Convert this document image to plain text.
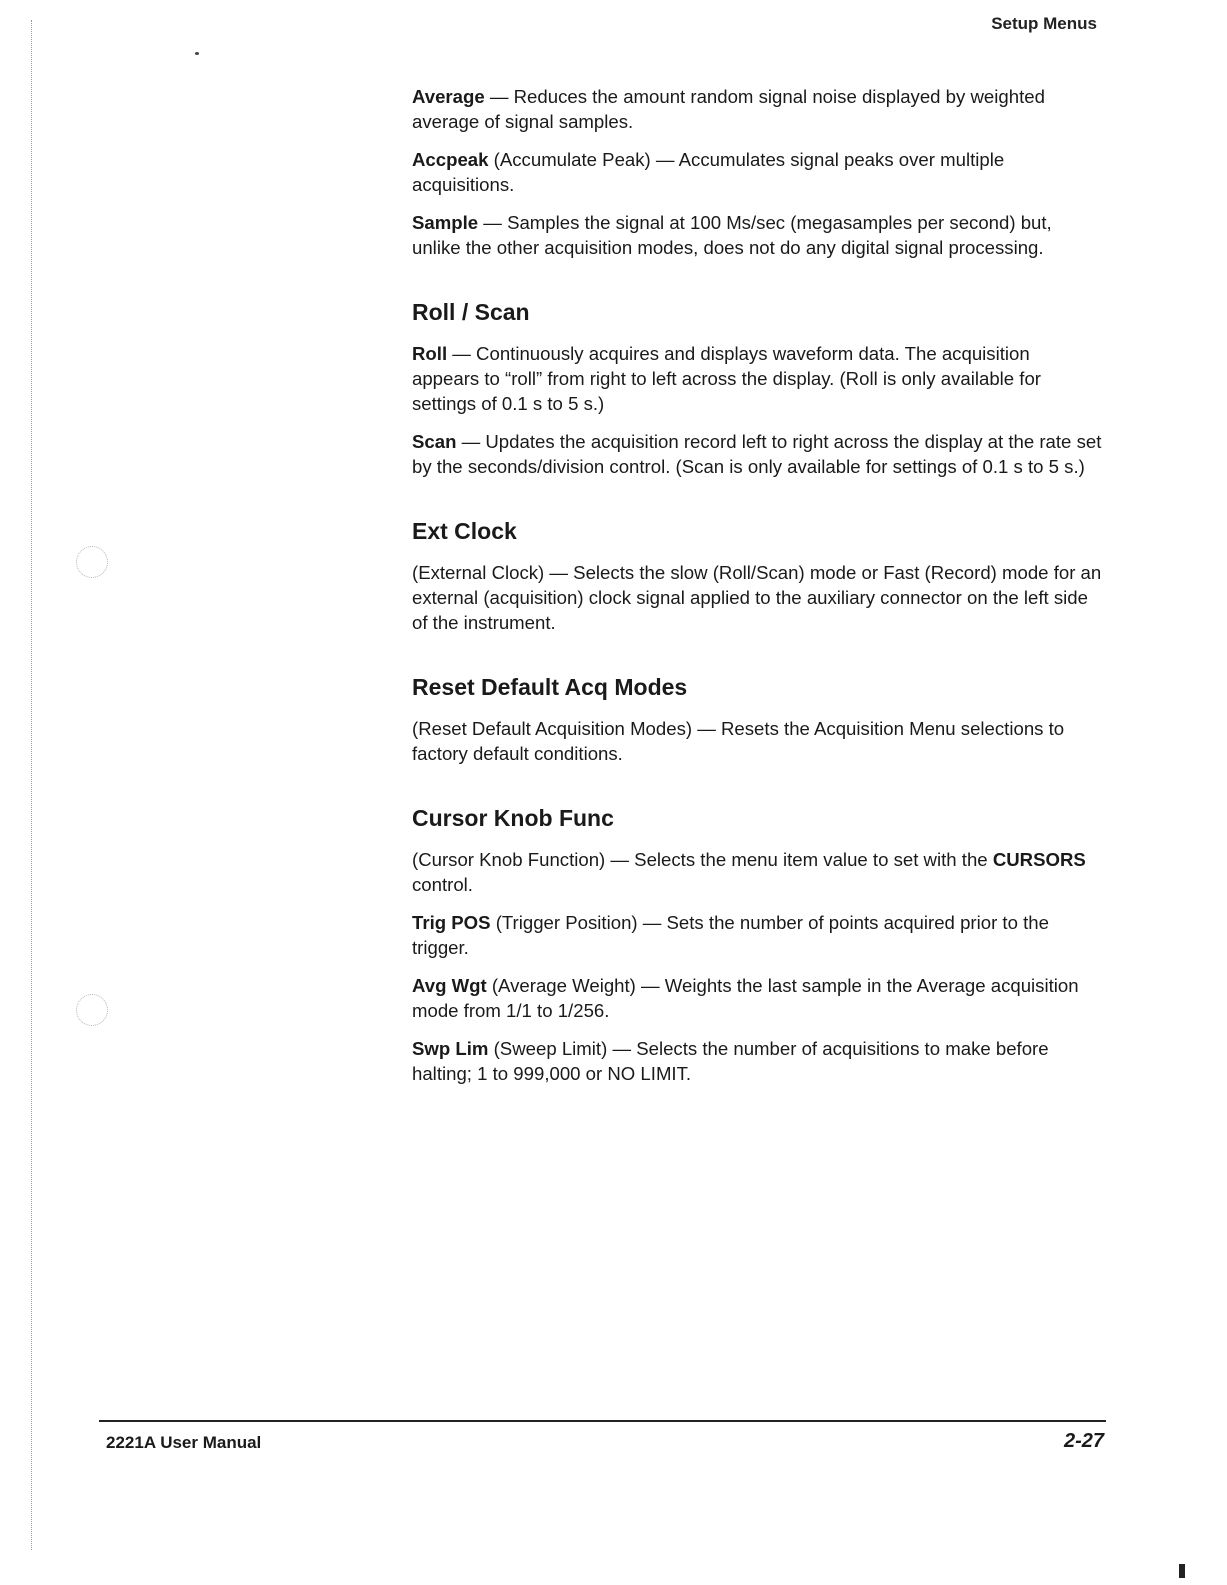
Setup Menus

Average — Reduces the amount random signal noise displayed by weighted average of signal samples.

Accpeak (Accumulate Peak) — Accumulates signal peaks over multiple acquisitions.

Sample — Samples the signal at 100 Ms/sec (megasamples per second) but, unlike the other acquisition modes, does not do any digital signal processing.

Roll / Scan

Roll — Continuously acquires and displays waveform data. The acquisition appears to “roll” from right to left across the display. (Roll is only available for settings of 0.1 s to 5 s.)

Scan — Updates the acquisition record left to right across the display at the rate set by the seconds/division control. (Scan is only available for settings of 0.1 s to 5 s.)

Ext Clock

(External Clock) — Selects the slow (Roll/Scan) mode or Fast (Record) mode for an external (acquisition) clock signal applied to the auxiliary connector on the left side of the instrument.

Reset Default Acq Modes

(Reset Default Acquisition Modes) — Resets the Acquisition Menu selections to factory default conditions.

Cursor Knob Func

(Cursor Knob Function) — Selects the menu item value to set with the CURSORS control.

Trig POS (Trigger Position) — Sets the number of points acquired prior to the trigger.

Avg Wgt (Average Weight) — Weights the last sample in the Average acquisition mode from 1/1 to 1/256.

Swp Lim (Sweep Limit) — Selects the number of acquisitions to make before halting; 1 to 999,000 or NO LIMIT.

2221A User Manual	2-27
